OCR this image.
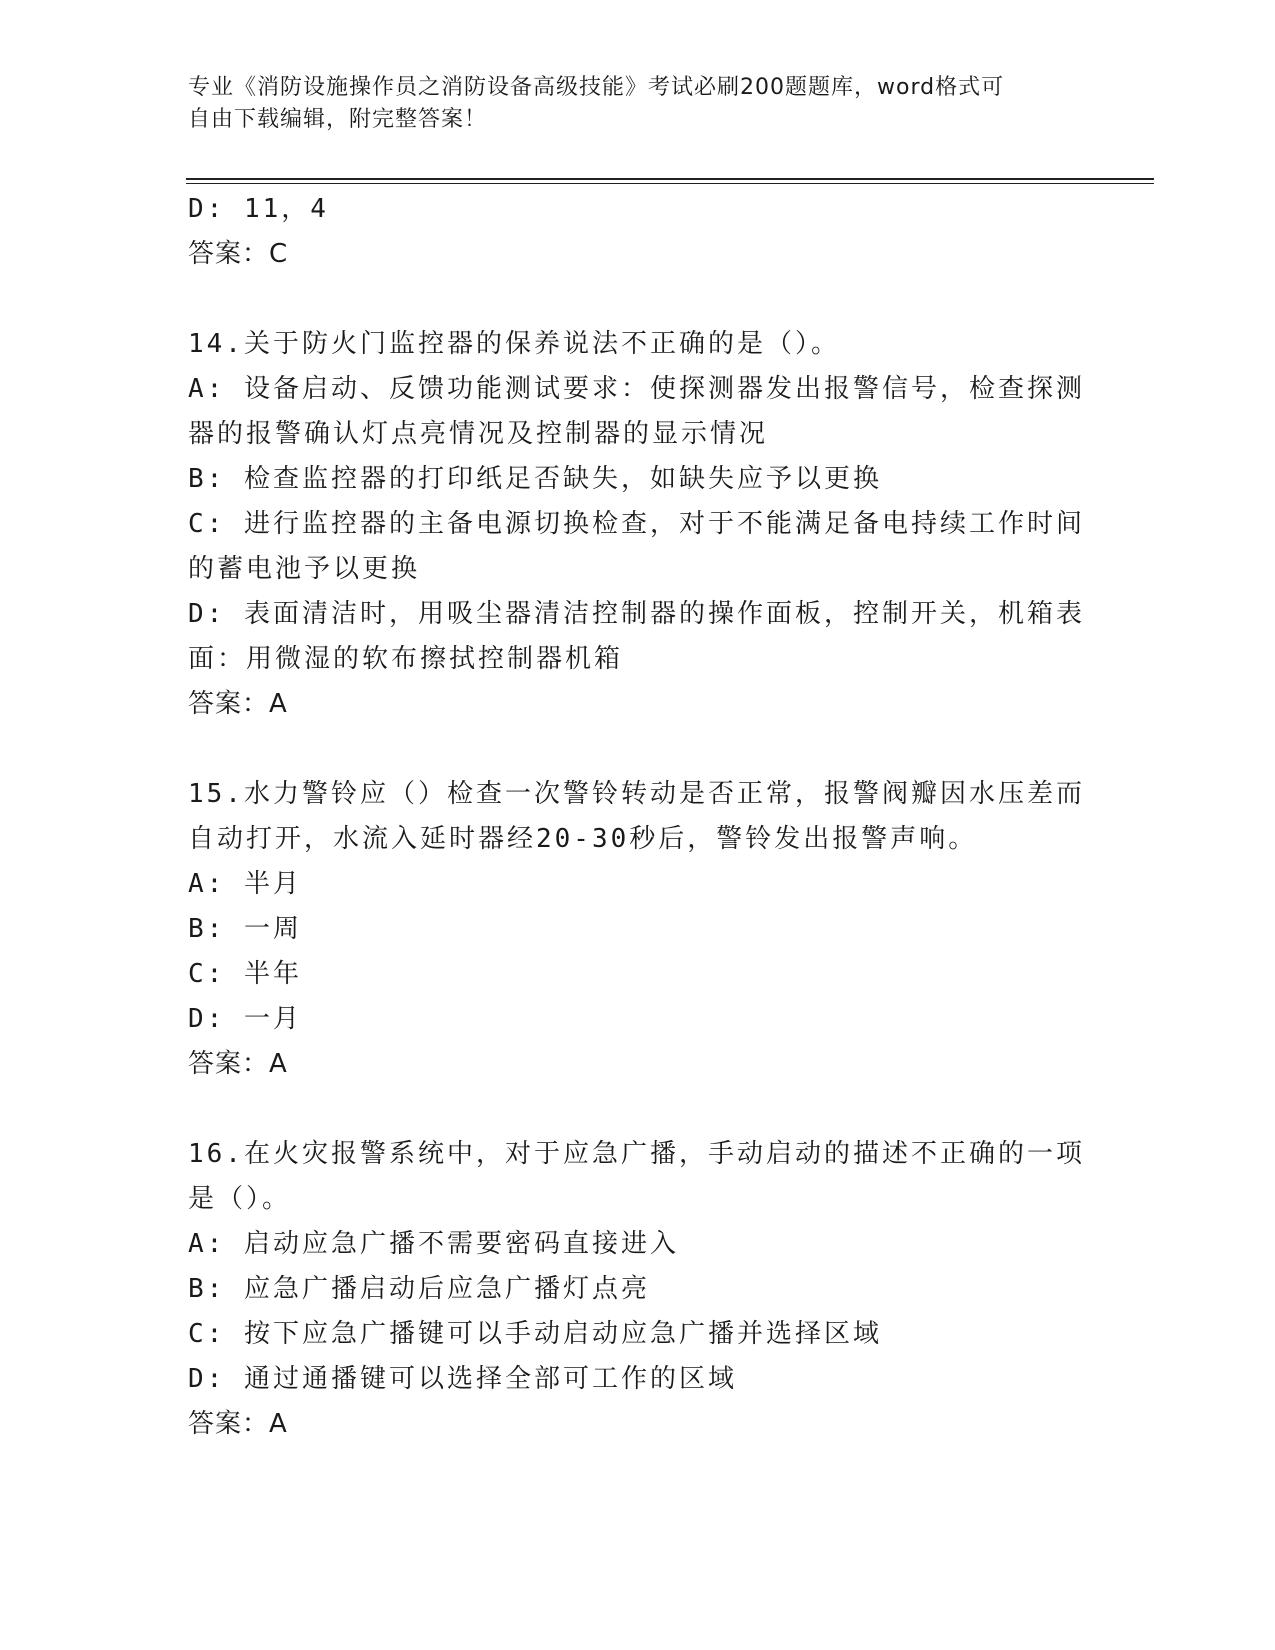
专业《消防设施操作员之消防设备高级技能》考试必刷200题题库，word格式可
自由下载编辑，附完整答案！
D: 11，4
答案：C
14.关于防火门监控器的保养说法不正确的是（）。
A: 设备启动、反馈功能测试要求：使探测器发出报警信号，检查探测
器的报警确认灯点亮情况及控制器的显示情况
B: 检查监控器的打印纸足否缺失，如缺失应予以更换
C: 进行监控器的主备电源切换检查，对于不能满足备电持续工作时间
的蓄电池予以更换
D: 表面清洁时，用吸尘器清洁控制器的操作面板，控制开关，机箱表
面：用微湿的软布擦拭控制器机箱
答案：A
15.水力警铃应（）检查一次警铃转动是否正常，报警阀瓣因水压差而
自动打开，水流入延时器经20-30秒后，警铃发出报警声响。
A: 半月
B: 一周
C: 半年
D: 一月
答案：A
16.在火灾报警系统中，对于应急广播，手动启动的描述不正确的一项
是（）。
A: 启动应急广播不需要密码直接进入
B: 应急广播启动后应急广播灯点亮
C: 按下应急广播键可以手动启动应急广播并选择区域
D: 通过通播键可以选择全部可工作的区域
答案：A
